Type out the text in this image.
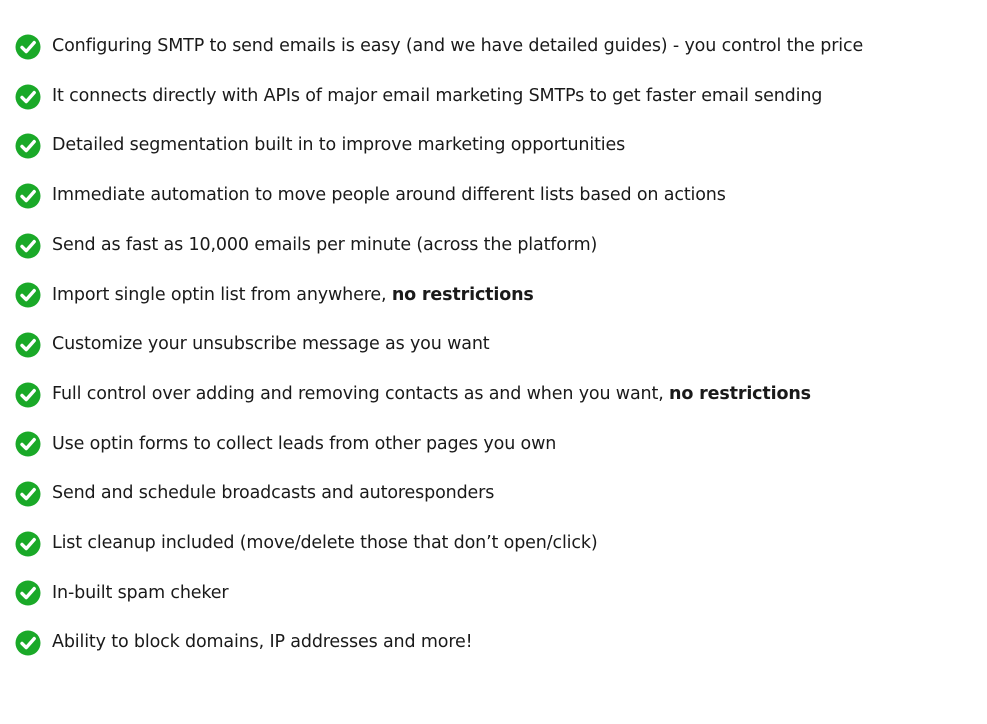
Configuring SMTP to send emails is easy (and we have detailed guides) - you control the price
It connects directly with APIs of major email marketing SMTPs to get faster email sending
Detailed segmentation built in to improve marketing opportunities
Immediate automation to move people around different lists based on actions
Send as fast as 10,000 emails per minute (across the platform)
Import single optin list from anywhere, no restrictions
Customize your unsubscribe message as you want
Full control over adding and removing contacts as and when you want, no restrictions
Use optin forms to collect leads from other pages you own
Send and schedule broadcasts and autoresponders
List cleanup included (move/delete those that don’t open/click)
In-built spam cheker
Ability to block domains, IP addresses and more!
